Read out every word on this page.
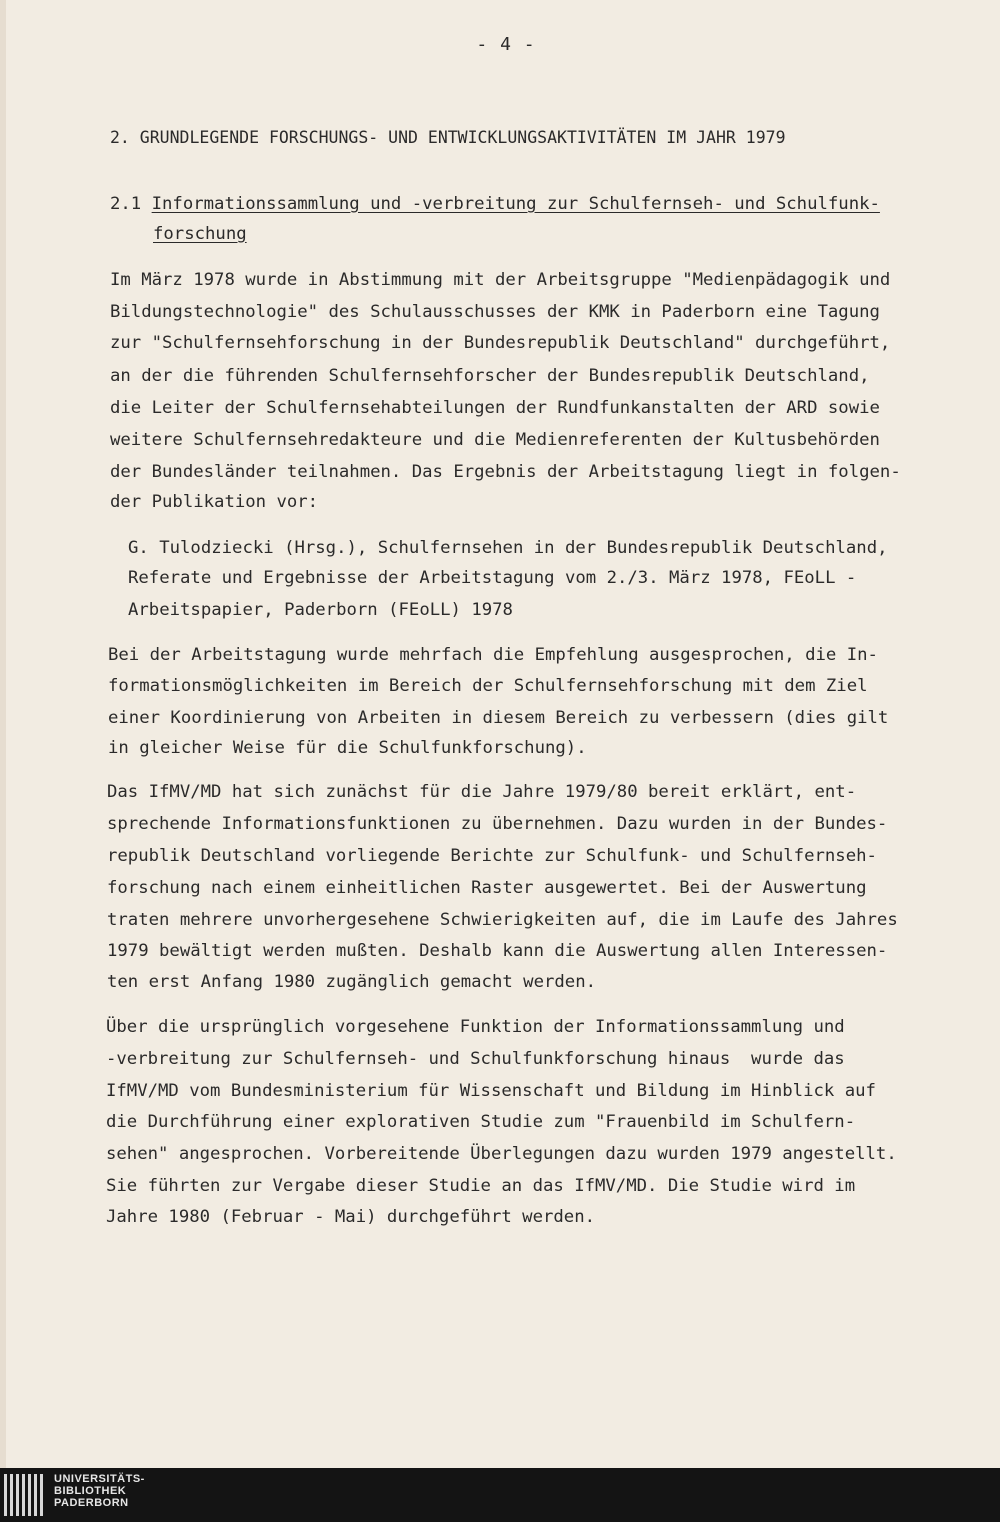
- 4 -
2. GRUNDLEGENDE FORSCHUNGS- UND ENTWICKLUNGSAKTIVITÄTEN IM JAHR 1979
2.1 Informationssammlung und -verbreitung zur Schulfernseh- und Schulfunk-
forschung
Im März 1978 wurde in Abstimmung mit der Arbeitsgruppe "Medienpädagogik und
Bildungstechnologie" des Schulausschusses der KMK in Paderborn eine Tagung
zur "Schulfernsehforschung in der Bundesrepublik Deutschland" durchgeführt,
an der die führenden Schulfernsehforscher der Bundesrepublik Deutschland,
die Leiter der Schulfernsehabteilungen der Rundfunkanstalten der ARD sowie
weitere Schulfernsehredakteure und die Medienreferenten der Kultusbehörden
der Bundesländer teilnahmen. Das Ergebnis der Arbeitstagung liegt in folgen-
der Publikation vor:
G. Tulodziecki (Hrsg.), Schulfernsehen in der Bundesrepublik Deutschland,
Referate und Ergebnisse der Arbeitstagung vom 2./3. März 1978, FEoLL -
Arbeitspapier, Paderborn (FEoLL) 1978
Bei der Arbeitstagung wurde mehrfach die Empfehlung ausgesprochen, die In-
formationsmöglichkeiten im Bereich der Schulfernsehforschung mit dem Ziel
einer Koordinierung von Arbeiten in diesem Bereich zu verbessern (dies gilt
in gleicher Weise für die Schulfunkforschung).
Das IfMV/MD hat sich zunächst für die Jahre 1979/80 bereit erklärt, ent-
sprechende Informationsfunktionen zu übernehmen. Dazu wurden in der Bundes-
republik Deutschland vorliegende Berichte zur Schulfunk- und Schulfernseh-
forschung nach einem einheitlichen Raster ausgewertet. Bei der Auswertung
traten mehrere unvorhergesehene Schwierigkeiten auf, die im Laufe des Jahres
1979 bewältigt werden mußten. Deshalb kann die Auswertung allen Interessen-
ten erst Anfang 1980 zugänglich gemacht werden.
Über die ursprünglich vorgesehene Funktion der Informationssammlung und
-verbreitung zur Schulfernseh- und Schulfunkforschung hinaus  wurde das
IfMV/MD vom Bundesministerium für Wissenschaft und Bildung im Hinblick auf
die Durchführung einer explorativen Studie zum "Frauenbild im Schulfern-
sehen" angesprochen. Vorbereitende Überlegungen dazu wurden 1979 angestellt.
Sie führten zur Vergabe dieser Studie an das IfMV/MD. Die Studie wird im
Jahre 1980 (Februar - Mai) durchgeführt werden.
UNIVERSITÄTS-
BIBLIOTHEK
PADERBORN
